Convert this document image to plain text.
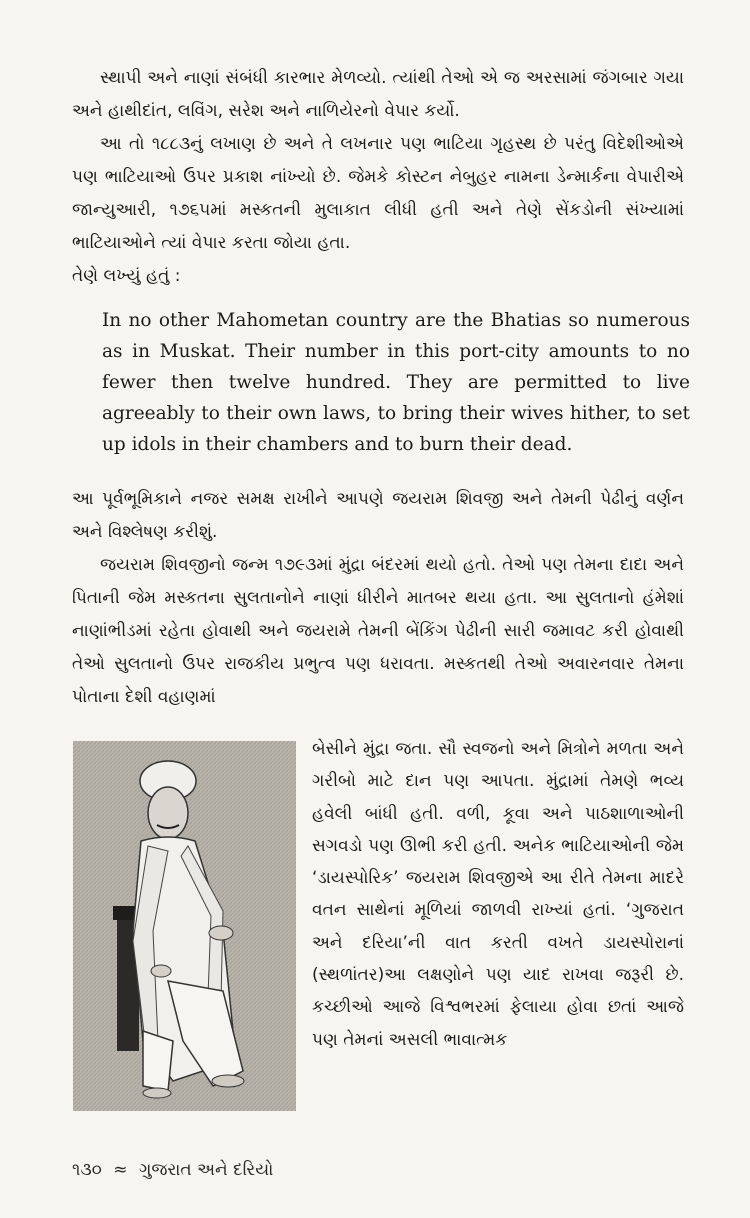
સ્થાપી અને નાણાં સંબંધી કારભાર મેળવ્યો. ત્યાંથી તેઓ એ જ અરસામાં જંગબાર ગયા અને હાથીદાંત, લવિંગ, સરેશ અને નાળિયેરનો વેપાર કર્યો.

આ તો ૧૮૮૩નું લખાણ છે અને તે લખનાર પણ ભાટિયા ગૃહસ્થ છે પરંતુ વિદેશીઓએ પણ ભાટિયાઓ ઉપર પ્રકાશ નાંખ્યો છે. જેમકે કોસ્ટન નેબુહર નામના ડેન્માર્કના વેપારીએ જાન્યુઆરી, ૧૭૬૫માં મસ્કતની મુલાકાત લીધી હતી અને તેણે સેંકડોની સંખ્યામાં ભાટિયાઓને ત્યાં વેપાર કરતા જોયા હતા.

તેણે લખ્યું હતું :

In no other Mahometan country are the Bhatias so numerous as in Muskat. Their number in this port-city amounts to no fewer then twelve hundred. They are permitted to live agreeably to their own laws, to bring their wives hither, to set up idols in their chambers and to burn their dead.

આ પૂર્વભૂમિકાને નજર સમક્ષ રાખીને આપણે જયરામ શિવજી અને તેમની પેઢીનું વર્ણન અને વિશ્લેષણ કરીશું.

જયરામ શિવજીનો જન્મ ૧૭૯૩માં મુંદ્રા બંદરમાં થયો હતો. તેઓ પણ તેમના દાદા અને પિતાની જેમ મસ્કતના સુલતાનોને નાણાં ધીરીને માતબર થયા હતા. આ સુલતાનો હંમેશાં નાણાંભીડમાં રહેતા હોવાથી અને જયરામે તેમની બેંકિંગ પેઢીની સારી જમાવટ કરી હોવાથી તેઓ સુલતાનો ઉપર રાજકીય પ્રભુત્વ પણ ધરાવતા. મસ્કતથી તેઓ અવારનવાર તેમના પોતાના દેશી વહાણમાં

બેસીને મુંદ્રા જતા. સૌ સ્વજનો અને મિત્રોને મળતા અને ગરીબો માટે દાન પણ આપતા. મુંદ્રામાં તેમણે ભવ્ય હવેલી બાંધી હતી. વળી, કૂવા અને પાઠશાળાઓની સગવડો પણ ઊભી કરી હતી. અનેક ભાટિયાઓની જેમ ‘ડાયસ્પોરિક’ જયરામ શિવજીએ આ રીતે તેમના માદરે વતન સાથેનાં મૂળિયાં જાળવી રાખ્યાં હતાં. ‘ગુજરાત અને દરિયા’ની વાત કરતી વખતે ડાયસ્પોરાનાં (સ્થળાંતર)આ લક્ષણોને પણ યાદ રાખવા જરૂરી છે. કચ્છીઓ આજે વિશ્વભરમાં ફેલાયા હોવા છતાં આજે પણ તેમનાં અસલી ભાવાત્મક

૧૩૦ ≈ ગુજરાત અને દરિયો
